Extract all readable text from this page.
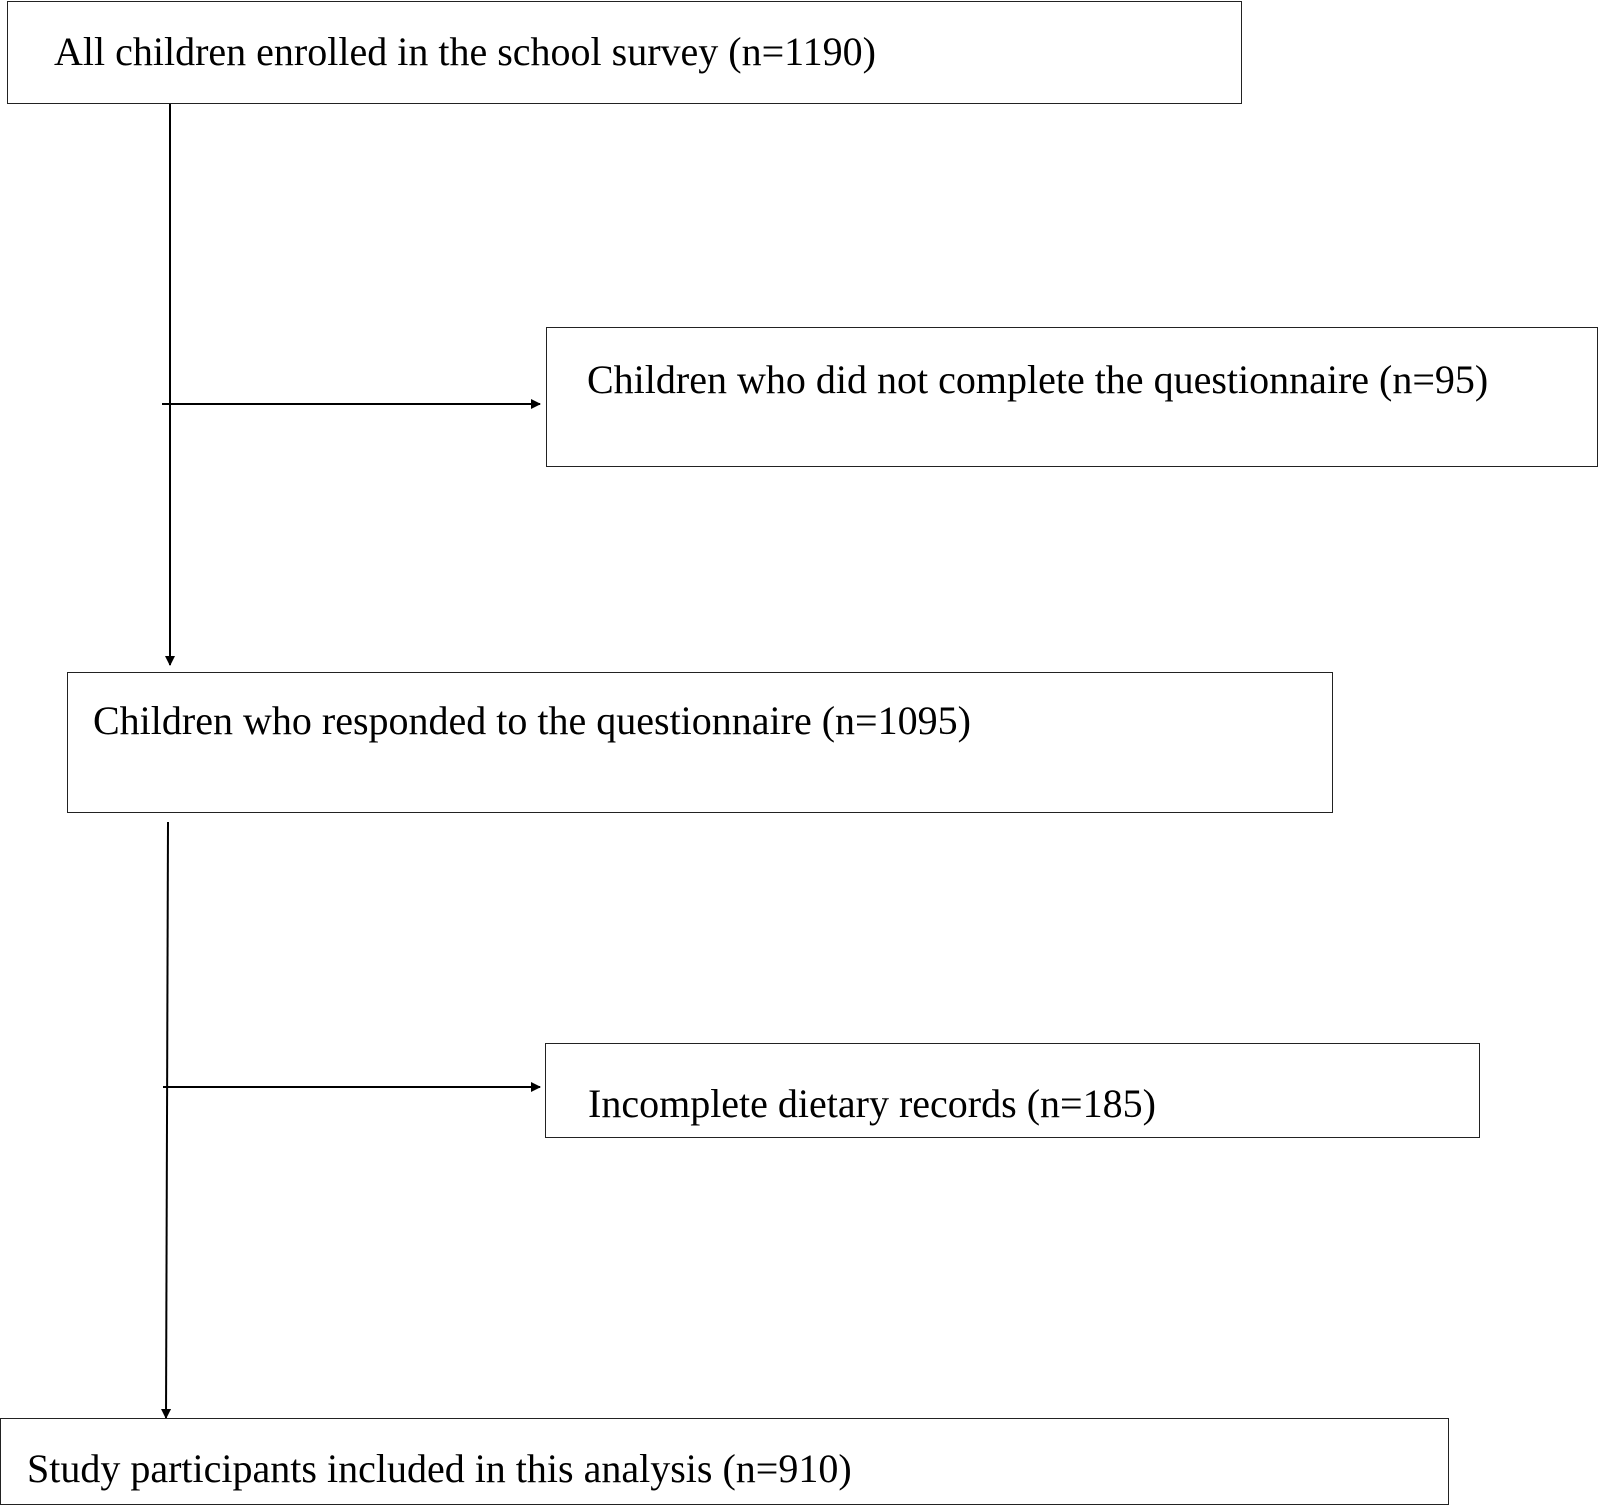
All children enrolled in the school survey (n=1190)
Children who did not complete the questionnaire (n=95)
Children who responded to the questionnaire (n=1095)
Incomplete dietary records (n=185)
Study participants included in this analysis (n=910)
